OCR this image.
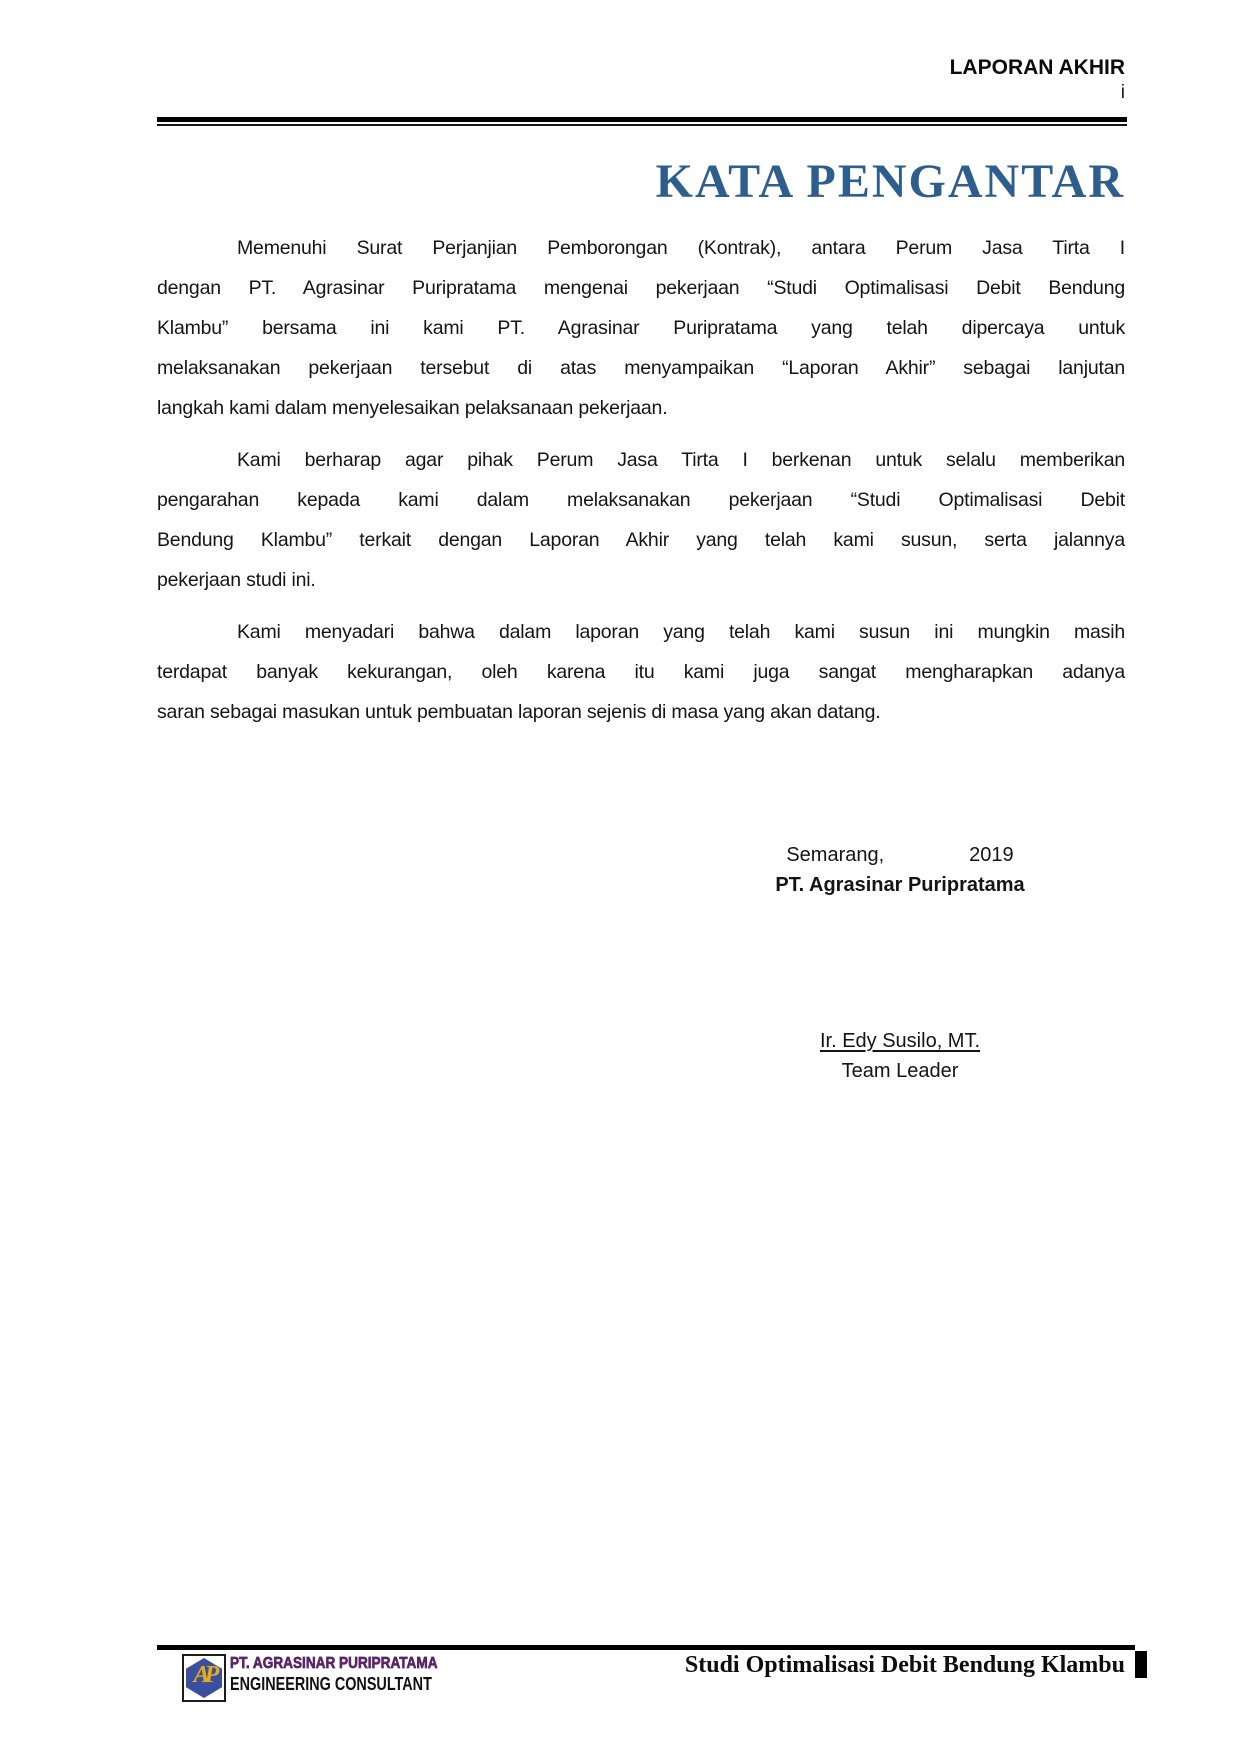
LAPORAN AKHIR
i
KATA PENGANTAR
Memenuhi Surat Perjanjian Pemborongan (Kontrak), antara Perum Jasa Tirta I
dengan PT. Agrasinar Puripratama mengenai pekerjaan “Studi Optimalisasi Debit Bendung
Klambu” bersama ini kami PT. Agrasinar Puripratama yang telah dipercaya untuk
melaksanakan pekerjaan tersebut di atas menyampaikan “Laporan Akhir” sebagai lanjutan
langkah kami dalam menyelesaikan pelaksanaan pekerjaan.
Kami berharap agar pihak Perum Jasa Tirta I berkenan untuk selalu memberikan
pengarahan kepada kami dalam melaksanakan pekerjaan “Studi Optimalisasi Debit
Bendung Klambu” terkait dengan Laporan Akhir yang telah kami susun, serta jalannya
pekerjaan studi ini.
Kami menyadari bahwa dalam laporan yang telah kami susun ini mungkin masih
terdapat banyak kekurangan, oleh karena itu kami juga sangat mengharapkan adanya
saran sebagai masukan untuk pembuatan laporan sejenis di masa yang akan datang.
Semarang,	2019
PT. Agrasinar Puripratama
Ir. Edy Susilo, MT.
Team Leader
AP PT. AGRASINAR PURIPRATAMA
ENGINEERING CONSULTANT
Studi Optimalisasi Debit Bendung Klambu
